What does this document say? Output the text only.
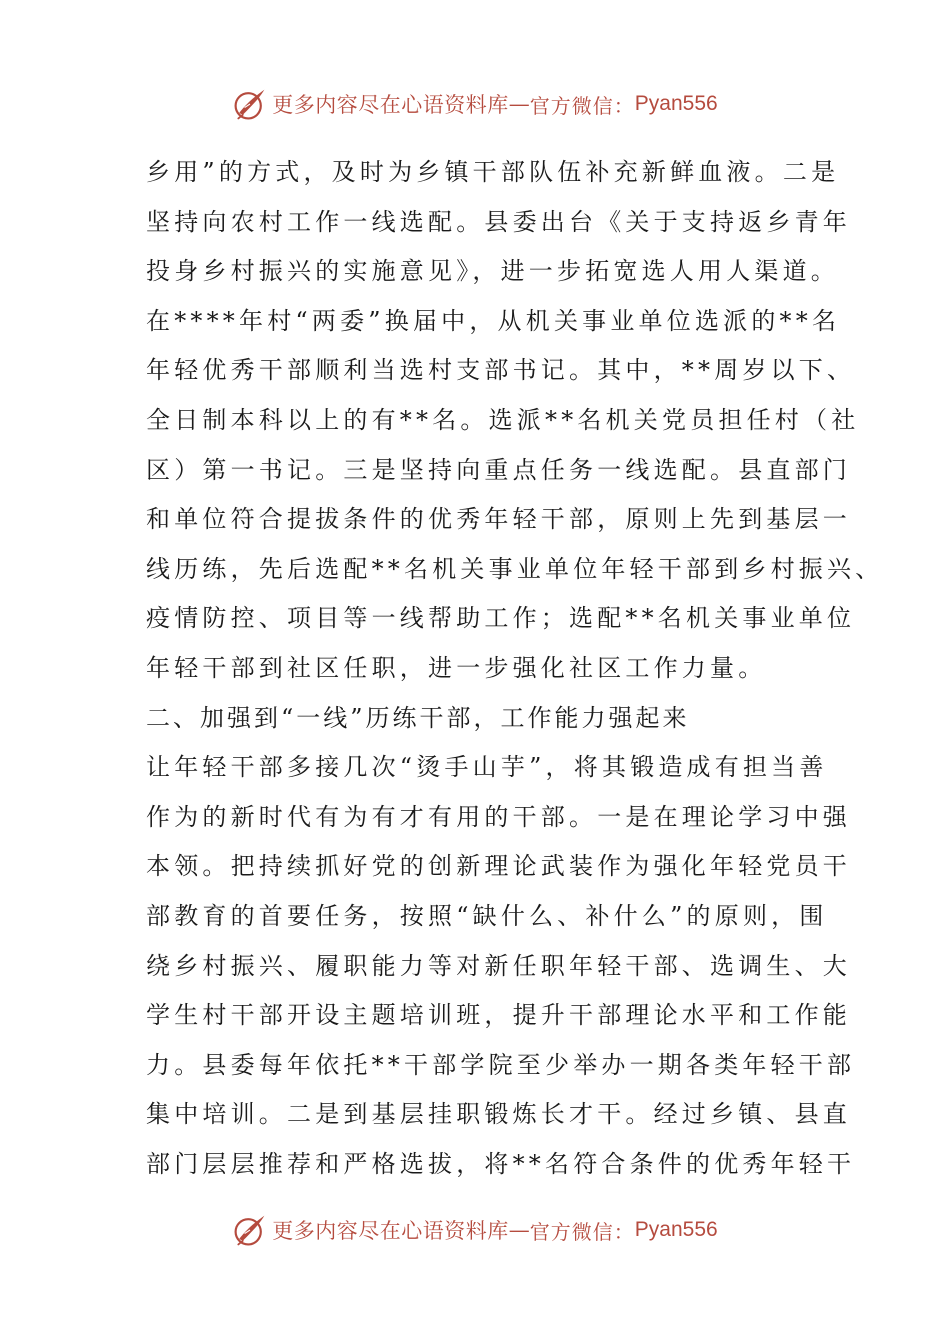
更多内容尽在心语资料库 — 官方微信： Pyan556
乡用”的方式，及时为乡镇干部队伍补充新鲜血液。二是
坚持向农村工作一线选配。县委出台《关于支持返乡青年
投身乡村振兴的实施意见》，进一步拓宽选人用人渠道。
在****年村“两委”换届中，从机关事业单位选派的**名
年轻优秀干部顺利当选村支部书记。其中，**周岁以下、
全日制本科以上的有**名。选派**名机关党员担任村（社
区）第一书记。三是坚持向重点任务一线选配。县直部门
和单位符合提拔条件的优秀年轻干部，原则上先到基层一
线历练，先后选配**名机关事业单位年轻干部到乡村振兴、
疫情防控、项目等一线帮助工作；选配**名机关事业单位
年轻干部到社区任职，进一步强化社区工作力量。
二、加强到“一线”历练干部，工作能力强起来
让年轻干部多接几次“烫手山芋”，将其锻造成有担当善
作为的新时代有为有才有用的干部。一是在理论学习中强
本领。把持续抓好党的创新理论武装作为强化年轻党员干
部教育的首要任务，按照“缺什么、补什么”的原则，围
绕乡村振兴、履职能力等对新任职年轻干部、选调生、大
学生村干部开设主题培训班，提升干部理论水平和工作能
力。县委每年依托**干部学院至少举办一期各类年轻干部
集中培训。二是到基层挂职锻炼长才干。经过乡镇、县直
部门层层推荐和严格选拔，将**名符合条件的优秀年轻干
更多内容尽在心语资料库 — 官方微信： Pyan556
